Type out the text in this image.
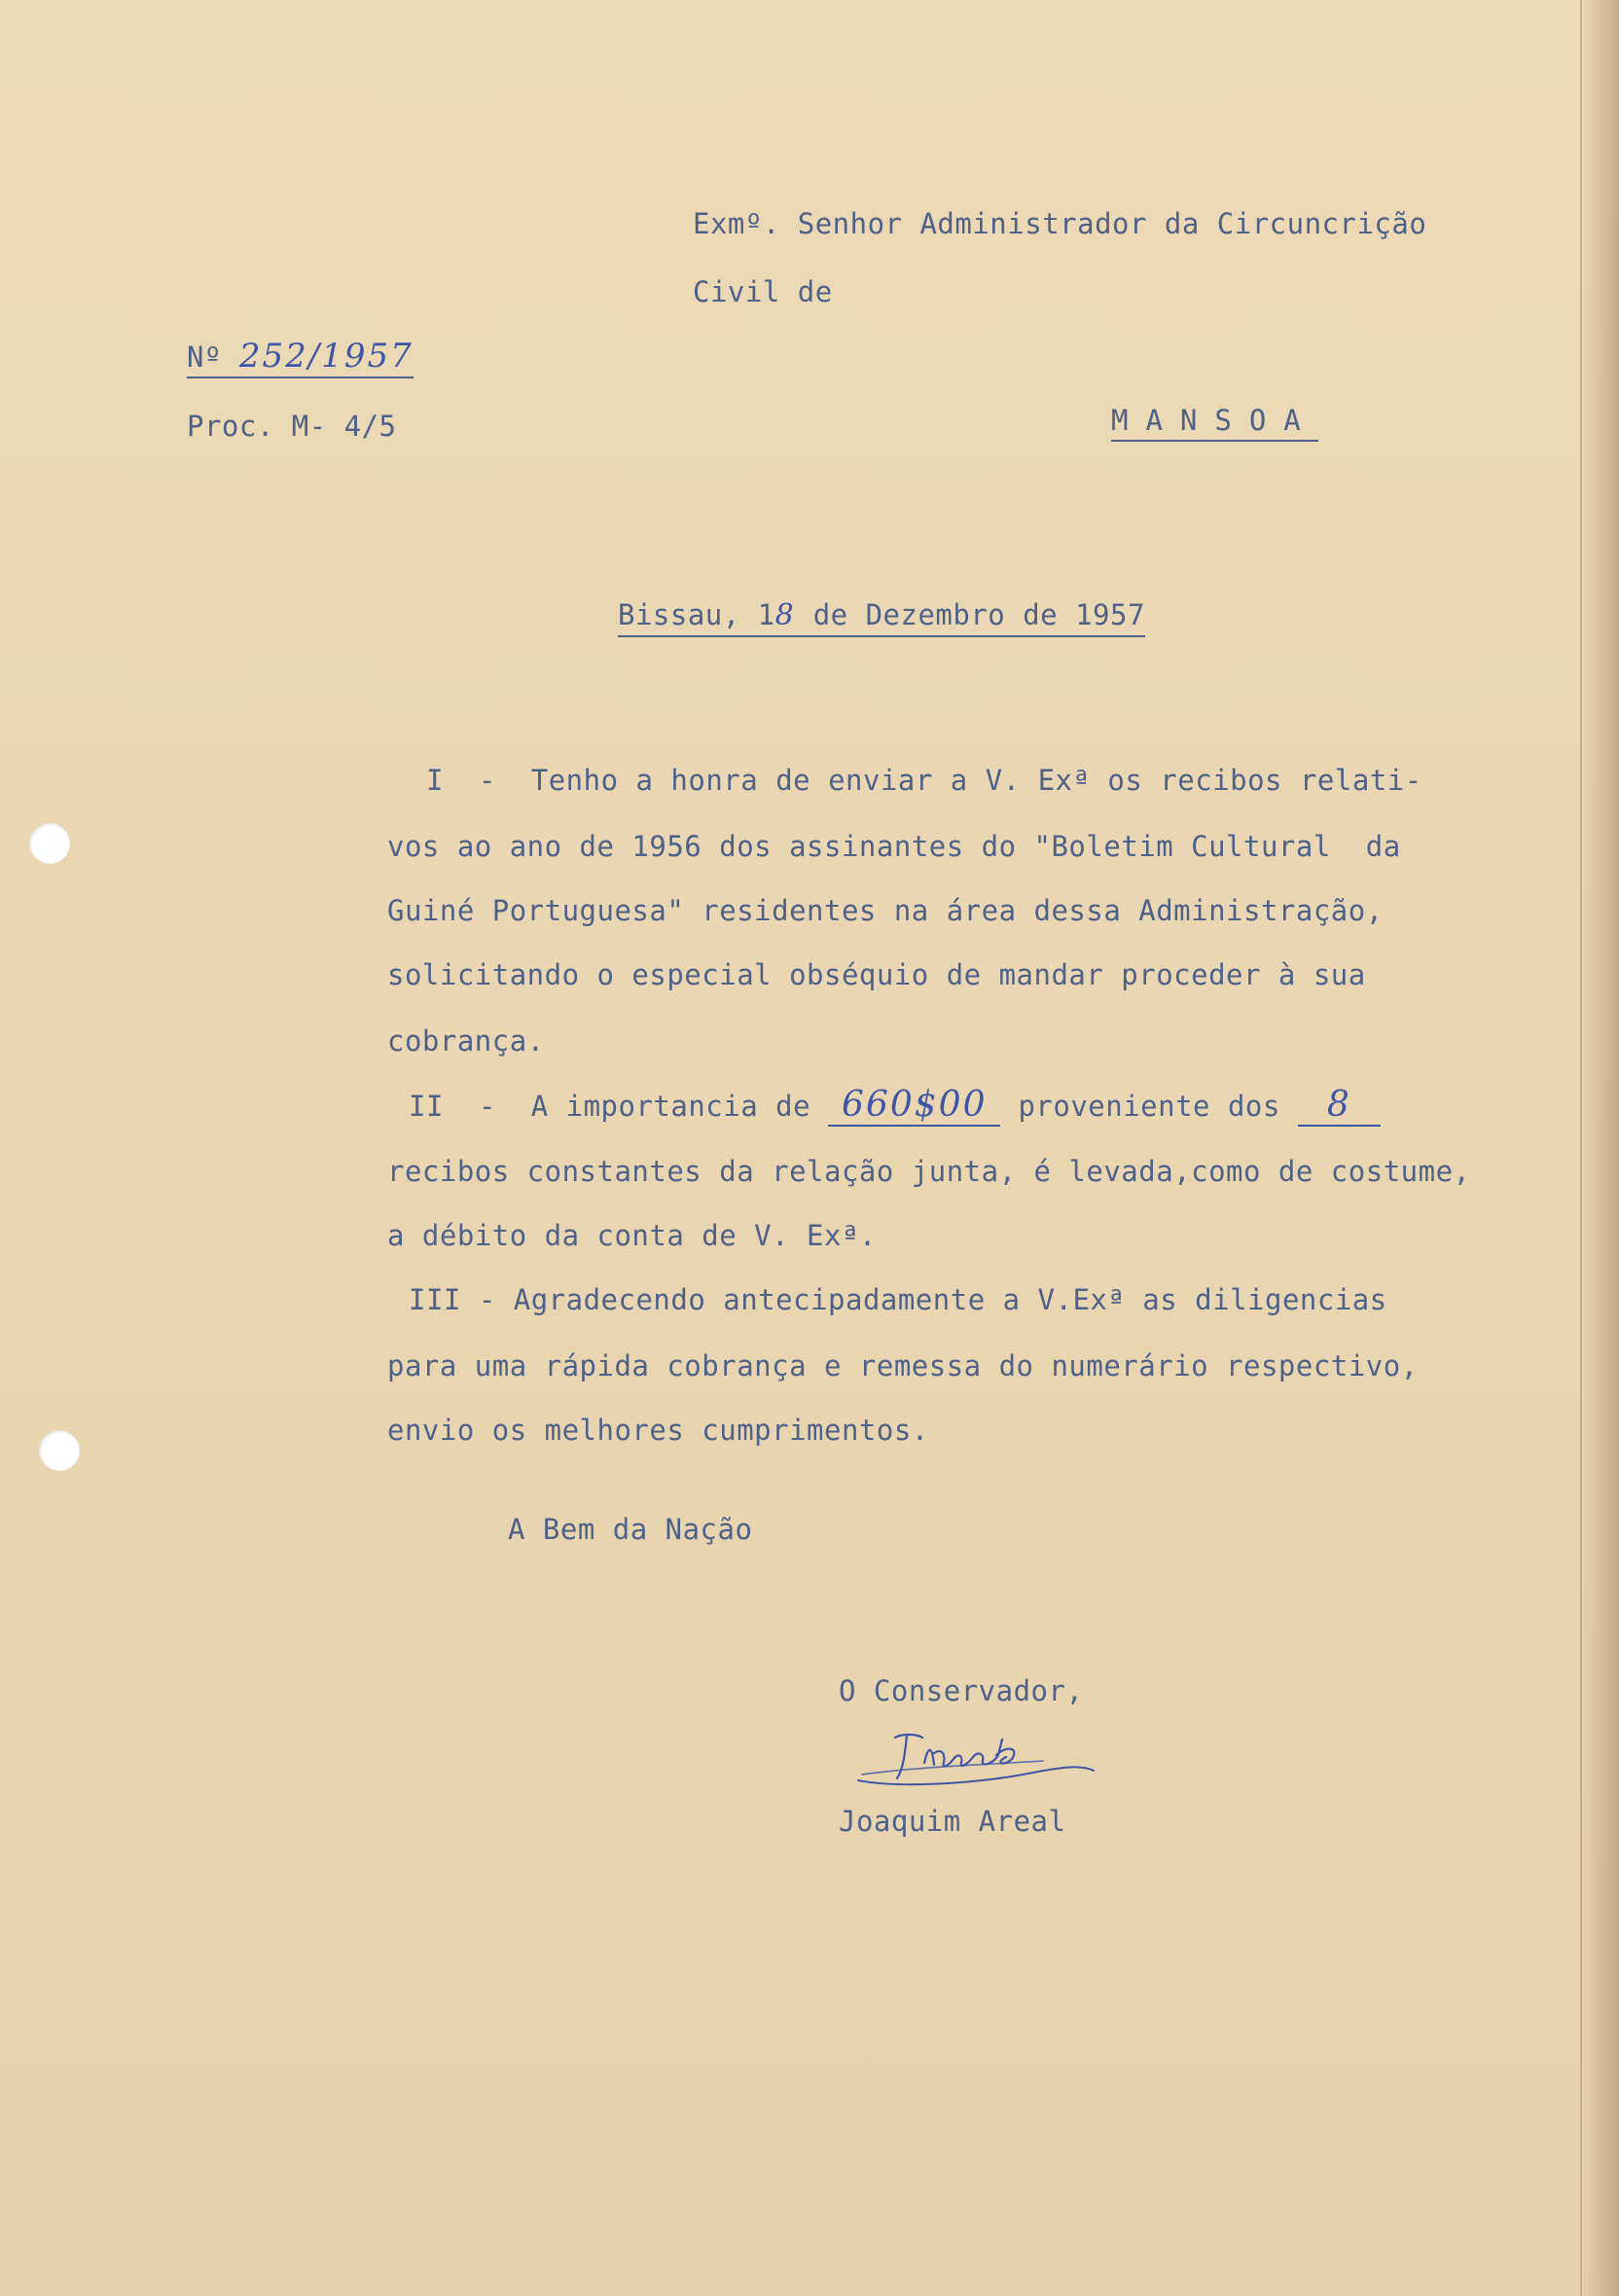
Exmº. Senhor Administrador da Circuncrição
Civil de
Nº 252/1957
Proc. M- 4/5	MANSOA
Bissau, 18 de Dezembro de 1957
I  -  Tenho a honra de enviar a V. Exª os recibos relati-
vos ao ano de 1956 dos assinantes do "Boletim Cultural  da
Guiné Portuguesa" residentes na área dessa Administração,
solicitando o especial obséquio de mandar proceder à sua
cobrança.
II  -  A importancia de 660$00 proveniente dos 8
recibos constantes da relação junta, é levada,como de costume,
a débito da conta de V. Exª.
III - Agradecendo antecipadamente a V.Exª as diligencias
para uma rápida cobrança e remessa do numerário respectivo,
envio os melhores cumprimentos.
A Bem da Nação
O Conservador,
Joaquim Areal
